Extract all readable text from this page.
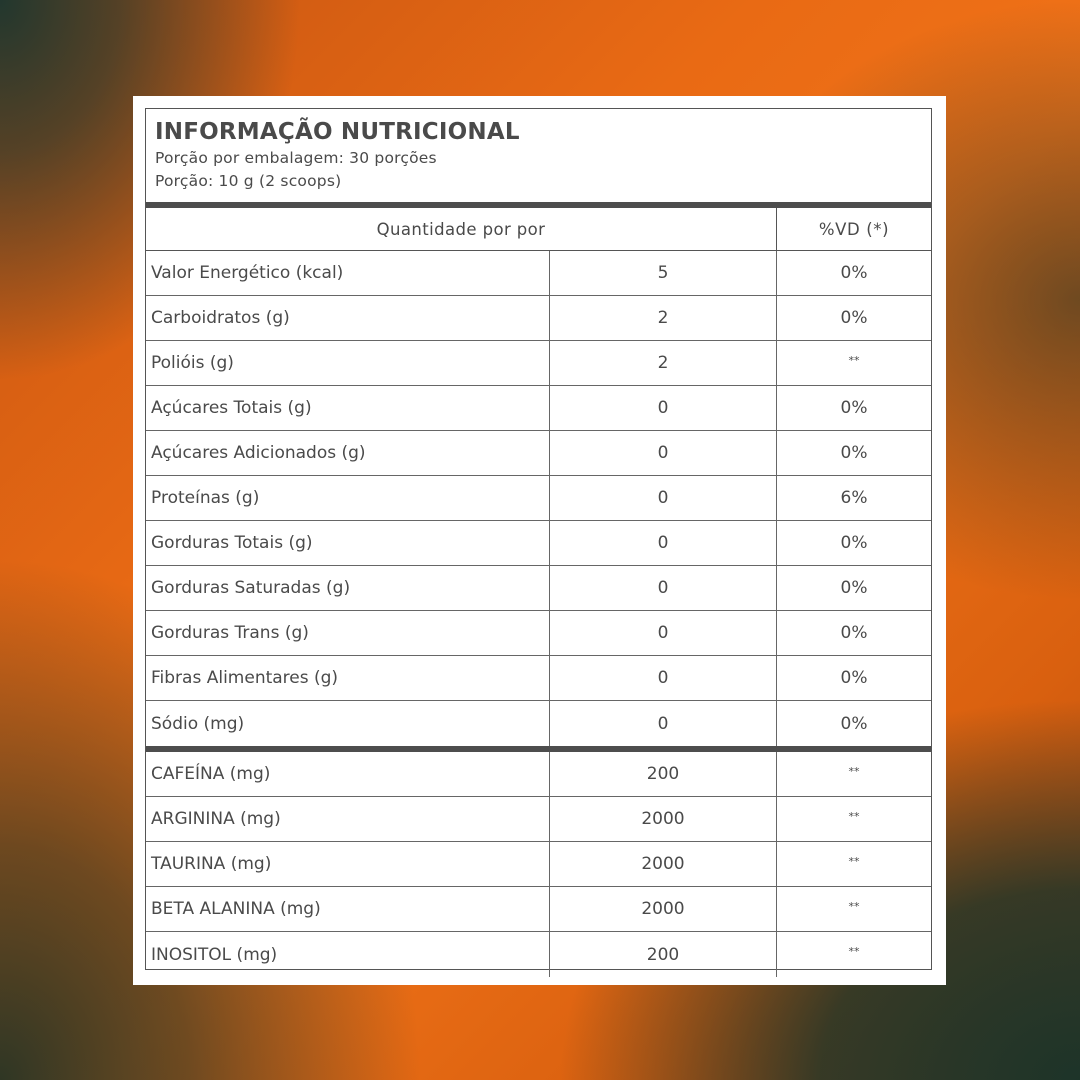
INFORMAÇÃO NUTRICIONAL
Porção por embalagem: 30 porções
Porção: 10 g (2 scoops)
Quantidade por por	%VD (*)
Valor Energético (kcal)	5	0%
Carboidratos (g)	2	0%
Polióis (g)	2	**
Açúcares Totais (g)	0	0%
Açúcares Adicionados (g)	0	0%
Proteínas (g)	0	6%
Gorduras Totais (g)	0	0%
Gorduras Saturadas (g)	0	0%
Gorduras Trans (g)	0	0%
Fibras Alimentares (g)	0	0%
Sódio (mg)	0	0%
CAFEÍNA (mg)	200	**
ARGININA (mg)	2000	**
TAURINA (mg)	2000	**
BETA ALANINA (mg)	2000	**
INOSITOL (mg)	200	**
